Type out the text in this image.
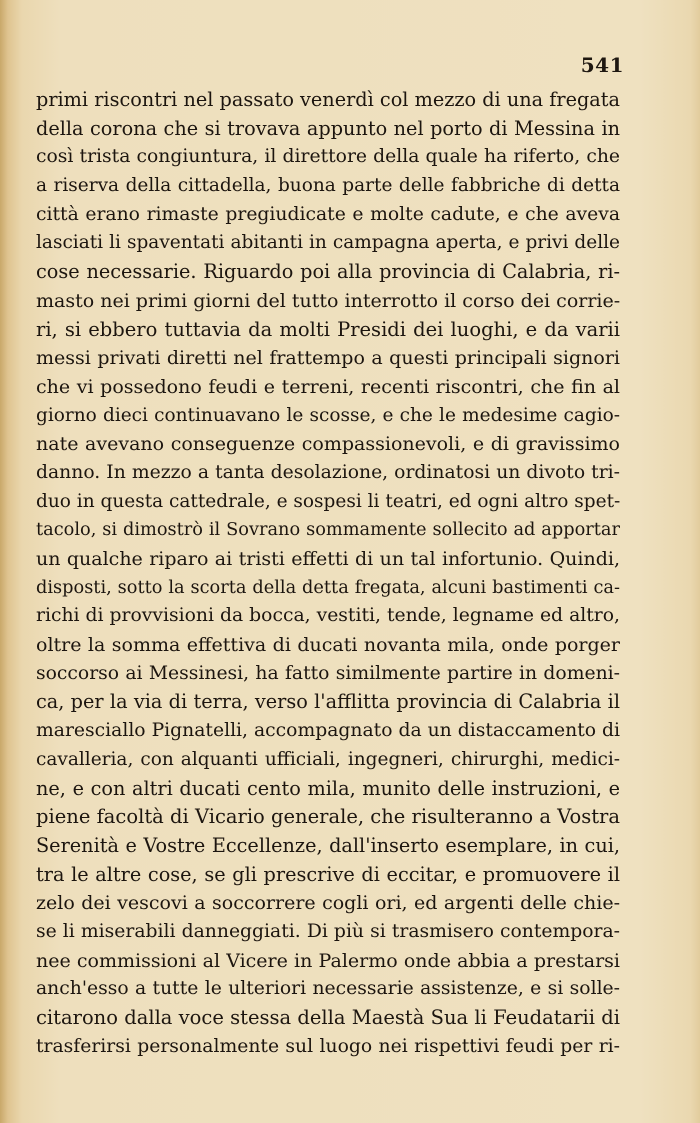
541
primi riscontri nel passato venerdì col mezzo di una fregata
della corona che si trovava appunto nel porto di Messina in
così trista congiuntura, il direttore della quale ha riferto, che
a riserva della cittadella, buona parte delle fabbriche di detta
città erano rimaste pregiudicate e molte cadute, e che aveva
lasciati li spaventati abitanti in campagna aperta, e privi delle
cose necessarie. Riguardo poi alla provincia di Calabria, ri-
masto nei primi giorni del tutto interrotto il corso dei corrie-
ri, si ebbero tuttavia da molti Presidi dei luoghi, e da varii
messi privati diretti nel frattempo a questi principali signori
che vi possedono feudi e terreni, recenti riscontri, che fin al
giorno dieci continuavano le scosse, e che le medesime cagio-
nate avevano conseguenze compassionevoli, e di gravissimo
danno. In mezzo a tanta desolazione, ordinatosi un divoto tri-
duo in questa cattedrale, e sospesi li teatri, ed ogni altro spet-
tacolo, si dimostrò il Sovrano sommamente sollecito ad apportar
un qualche riparo ai tristi effetti di un tal infortunio. Quindi,
disposti, sotto la scorta della detta fregata, alcuni bastimenti ca-
richi di provvisioni da bocca, vestiti, tende, legname ed altro,
oltre la somma effettiva di ducati novanta mila, onde porger
soccorso ai Messinesi, ha fatto similmente partire in domeni-
ca, per la via di terra, verso l'afflitta provincia di Calabria il
maresciallo Pignatelli, accompagnato da un distaccamento di
cavalleria, con alquanti ufficiali, ingegneri, chirurghi, medici-
ne, e con altri ducati cento mila, munito delle instruzioni, e
piene facoltà di Vicario generale, che risulteranno a Vostra
Serenità e Vostre Eccellenze, dall'inserto esemplare, in cui,
tra le altre cose, se gli prescrive di eccitar, e promuovere il
zelo dei vescovi a soccorrere cogli ori, ed argenti delle chie-
se li miserabili danneggiati. Di più si trasmisero contempora-
nee commissioni al Vicere in Palermo onde abbia a prestarsi
anch'esso a tutte le ulteriori necessarie assistenze, e si solle-
citarono dalla voce stessa della Maestà Sua li Feudatarii di
trasferirsi personalmente sul luogo nei rispettivi feudi per ri-
